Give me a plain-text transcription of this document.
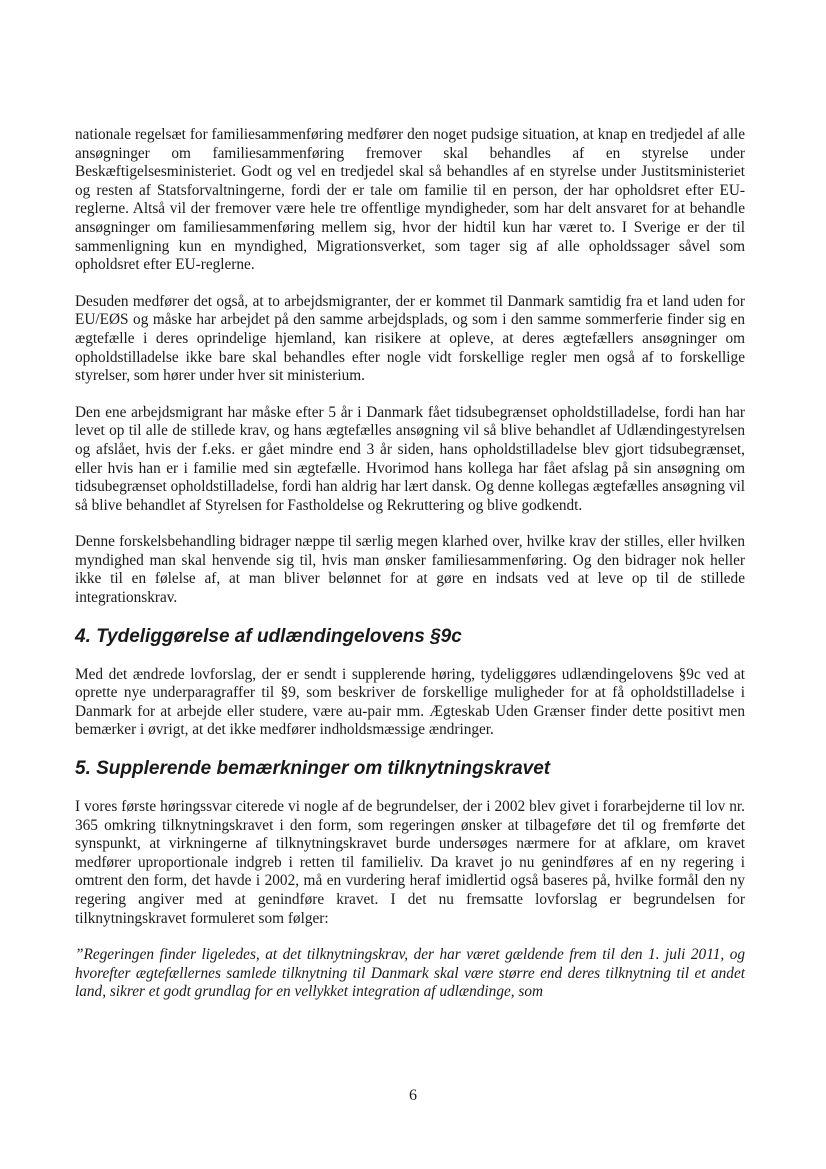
nationale regelsæt for familiesammenføring medfører den noget pudsige situation, at knap en tredjedel af alle ansøgninger om familiesammenføring fremover skal behandles af en styrelse under Beskæftigelsesministeriet. Godt og vel en tredjedel skal så behandles af en styrelse under Justitsministeriet og resten af Statsforvaltningerne, fordi der er tale om familie til en person, der har opholdsret efter EU-reglerne. Altså vil der fremover være hele tre offentlige myndigheder, som har delt ansvaret for at behandle ansøgninger om familiesammenføring mellem sig, hvor der hidtil kun har været to. I Sverige er der til sammenligning kun en myndighed, Migrationsverket, som tager sig af alle opholdssager såvel som opholdsret efter EU-reglerne.

Desuden medfører det også, at to arbejdsmigranter, der er kommet til Danmark samtidig fra et land uden for EU/EØS og måske har arbejdet på den samme arbejdsplads, og som i den samme sommerferie finder sig en ægtefælle i deres oprindelige hjemland, kan risikere at opleve, at deres ægtefællers ansøgninger om opholdstilladelse ikke bare skal behandles efter nogle vidt forskellige regler men også af to forskellige styrelser, som hører under hver sit ministerium.

Den ene arbejdsmigrant har måske efter 5 år i Danmark fået tidsubegrænset opholdstilladelse, fordi han har levet op til alle de stillede krav, og hans ægtefælles ansøgning vil så blive behandlet af Udlændingestyrelsen og afslået, hvis der f.eks. er gået mindre end 3 år siden, hans opholdstilladelse blev gjort tidsubegrænset, eller hvis han er i familie med sin ægtefælle. Hvorimod hans kollega har fået afslag på sin ansøgning om tidsubegrænset opholdstilladelse, fordi han aldrig har lært dansk. Og denne kollegas ægtefælles ansøgning vil så blive behandlet af Styrelsen for Fastholdelse og Rekruttering og blive godkendt.

Denne forskelsbehandling bidrager næppe til særlig megen klarhed over, hvilke krav der stilles, eller hvilken myndighed man skal henvende sig til, hvis man ønsker familiesammenføring. Og den bidrager nok heller ikke til en følelse af, at man bliver belønnet for at gøre en indsats ved at leve op til de stillede integrationskrav.

4. Tydeliggørelse af udlændingelovens §9c

Med det ændrede lovforslag, der er sendt i supplerende høring, tydeliggøres udlændingelovens §9c ved at oprette nye underparagraffer til §9, som beskriver de forskellige muligheder for at få opholdstilladelse i Danmark for at arbejde eller studere, være au-pair mm. Ægteskab Uden Grænser finder dette positivt men bemærker i øvrigt, at det ikke medfører indholdsmæssige ændringer.

5. Supplerende bemærkninger om tilknytningskravet

I vores første høringssvar citerede vi nogle af de begrundelser, der i 2002 blev givet i forarbejderne til lov nr. 365 omkring tilknytningskravet i den form, som regeringen ønsker at tilbageføre det til og fremførte det synspunkt, at virkningerne af tilknytningskravet burde undersøges nærmere for at afklare, om kravet medfører uproportionale indgreb i retten til familieliv. Da kravet jo nu genindføres af en ny regering i omtrent den form, det havde i 2002, må en vurdering heraf imidlertid også baseres på, hvilke formål den ny regering angiver med at genindføre kravet. I det nu fremsatte lovforslag er begrundelsen for tilknytningskravet formuleret som følger:

”Regeringen finder ligeledes, at det tilknytningskrav, der har været gældende frem til den 1. juli 2011, og hvorefter ægtefællernes samlede tilknytning til Danmark skal være større end deres tilknytning til et andet land, sikrer et godt grundlag for en vellykket integration af udlændinge, som

6
